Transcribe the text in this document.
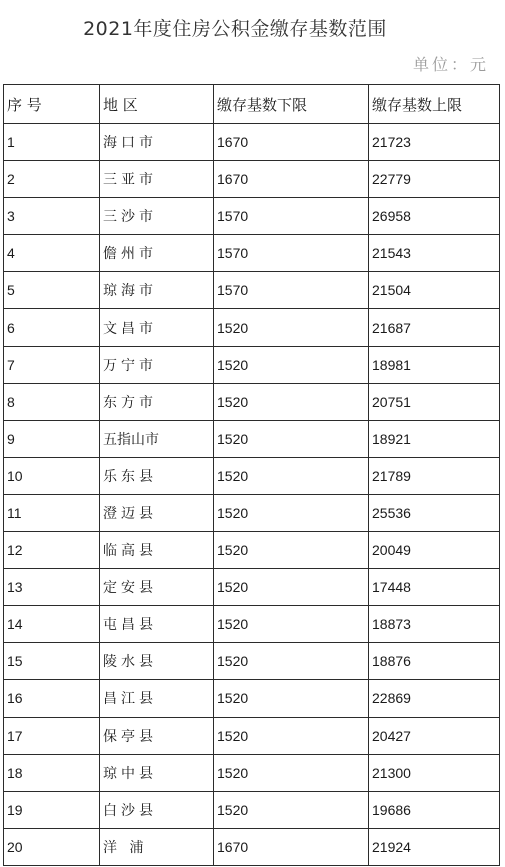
2021年度住房公积金缴存基数范围
单位：元
序 号	地 区	缴存基数下限	缴存基数上限
1	海口市	1670	21723
2	三亚市	1670	22779
3	三沙市	1570	26958
4	儋州市	1570	21543
5	琼海市	1570	21504
6	文昌市	1520	21687
7	万宁市	1520	18981
8	东方市	1520	20751
9	五指山市	1520	18921
10	乐东县	1520	21789
11	澄迈县	1520	25536
12	临高县	1520	20049
13	定安县	1520	17448
14	屯昌县	1520	18873
15	陵水县	1520	18876
16	昌江县	1520	22869
17	保亭县	1520	20427
18	琼中县	1520	21300
19	白沙县	1520	19686
20	洋 浦	1670	21924
